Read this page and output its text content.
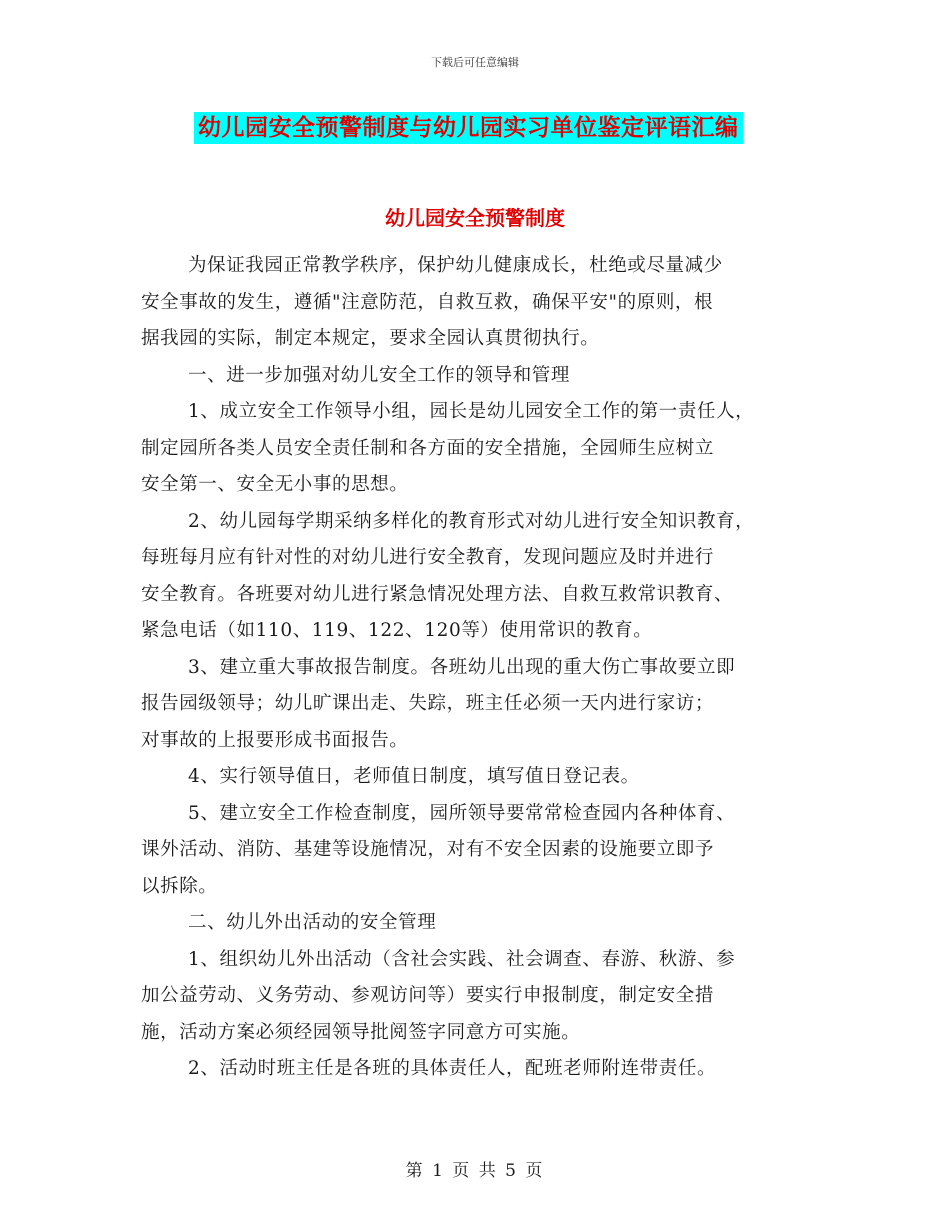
下载后可任意编辑
幼儿园安全预警制度与幼儿园实习单位鉴定评语汇编
幼儿园安全预警制度

为保证我园正常教学秩序，保护幼儿健康成长，杜绝或尽量减少

安全事故的发生，遵循"注意防范，自救互救，确保平安"的原则，根

据我园的实际，制定本规定，要求全园认真贯彻执行。

一、进一步加强对幼儿安全工作的领导和管理

1、成立安全工作领导小组，园长是幼儿园安全工作的第一责任人，

制定园所各类人员安全责任制和各方面的安全措施，全园师生应树立

安全第一、安全无小事的思想。

2、幼儿园每学期采纳多样化的教育形式对幼儿进行安全知识教育，

每班每月应有针对性的对幼儿进行安全教育，发现问题应及时并进行

安全教育。各班要对幼儿进行紧急情况处理方法、自救互救常识教育、

紧急电话（如110、119、122、120等）使用常识的教育。

3、建立重大事故报告制度。各班幼儿出现的重大伤亡事故要立即

报告园级领导；幼儿旷课出走、失踪，班主任必须一天内进行家访；

对事故的上报要形成书面报告。

4、实行领导值日，老师值日制度，填写值日登记表。

5、建立安全工作检查制度，园所领导要常常检查园内各种体育、

课外活动、消防、基建等设施情况，对有不安全因素的设施要立即予

以拆除。

二、幼儿外出活动的安全管理

1、组织幼儿外出活动（含社会实践、社会调查、春游、秋游、参

加公益劳动、义务劳动、参观访问等）要实行申报制度，制定安全措

施，活动方案必须经园领导批阅签字同意方可实施。

2、活动时班主任是各班的具体责任人，配班老师附连带责任。

第 1 页 共 5 页
